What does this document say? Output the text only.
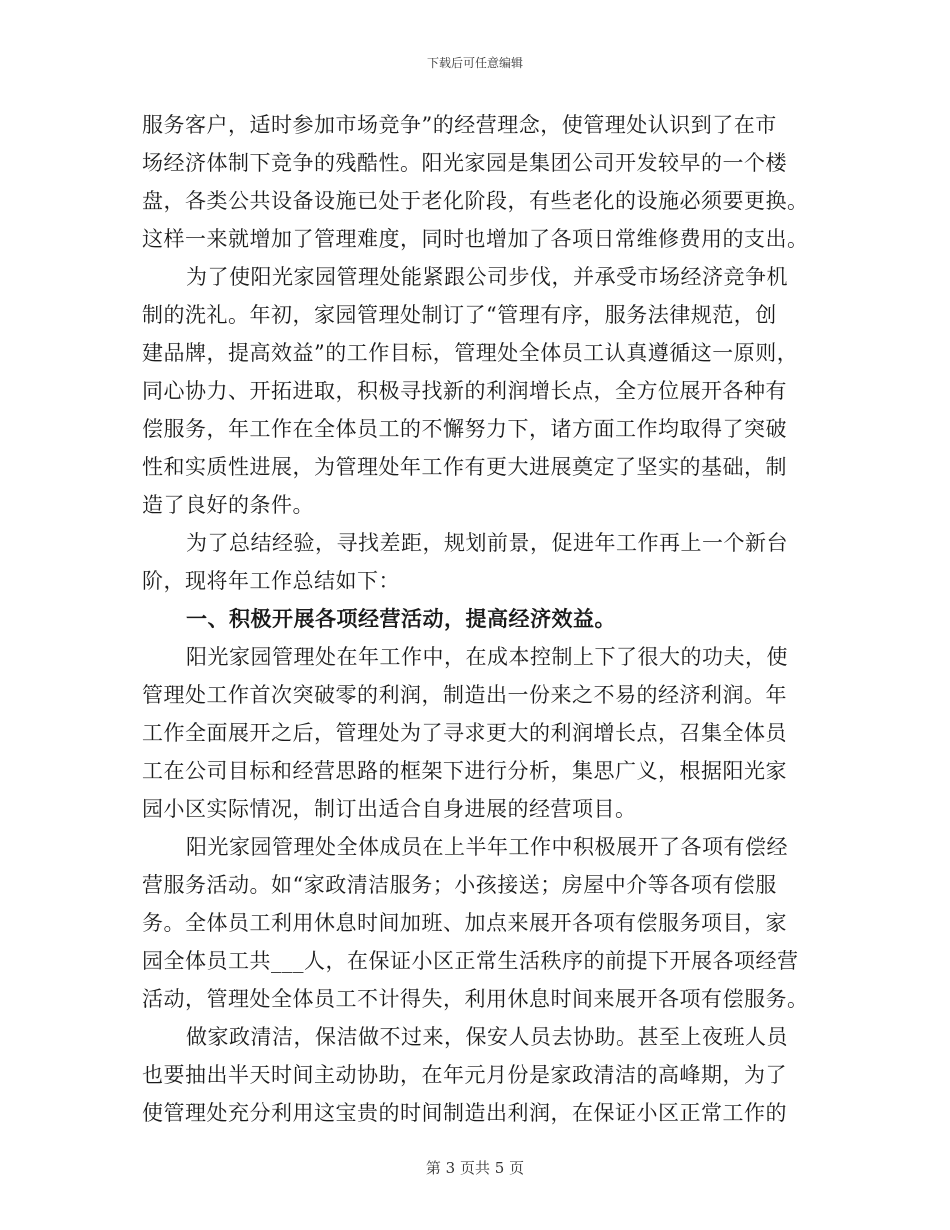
下载后可任意编辑
服务客户，适时参加市场竞争”的经营理念，使管理处认识到了在市
场经济体制下竞争的残酷性。阳光家园是集团公司开发较早的一个楼
盘，各类公共设备设施已处于老化阶段，有些老化的设施必须要更换。
这样一来就增加了管理难度，同时也增加了各项日常维修费用的支出。
为了使阳光家园管理处能紧跟公司步伐，并承受市场经济竞争机
制的洗礼。年初，家园管理处制订了“管理有序，服务法律规范，创
建品牌，提高效益”的工作目标，管理处全体员工认真遵循这一原则，
同心协力、开拓进取，积极寻找新的利润增长点，全方位展开各种有
偿服务，年工作在全体员工的不懈努力下，诸方面工作均取得了突破
性和实质性进展，为管理处年工作有更大进展奠定了坚实的基础，制
造了良好的条件。
为了总结经验，寻找差距，规划前景，促进年工作再上一个新台
阶，现将年工作总结如下：
一、积极开展各项经营活动，提高经济效益。
阳光家园管理处在年工作中，在成本控制上下了很大的功夫，使
管理处工作首次突破零的利润，制造出一份来之不易的经济利润。年
工作全面展开之后，管理处为了寻求更大的利润增长点，召集全体员
工在公司目标和经营思路的框架下进行分析，集思广义，根据阳光家
园小区实际情况，制订出适合自身进展的经营项目。
阳光家园管理处全体成员在上半年工作中积极展开了各项有偿经
营服务活动。如“家政清洁服务；小孩接送；房屋中介等各项有偿服
务。全体员工利用休息时间加班、加点来展开各项有偿服务项目，家
园全体员工共___人，在保证小区正常生活秩序的前提下开展各项经营
活动，管理处全体员工不计得失，利用休息时间来展开各项有偿服务。
做家政清洁，保洁做不过来，保安人员去协助。甚至上夜班人员
也要抽出半天时间主动协助，在年元月份是家政清洁的高峰期，为了
使管理处充分利用这宝贵的时间制造出利润，在保证小区正常工作的
第 3 页共 5 页
